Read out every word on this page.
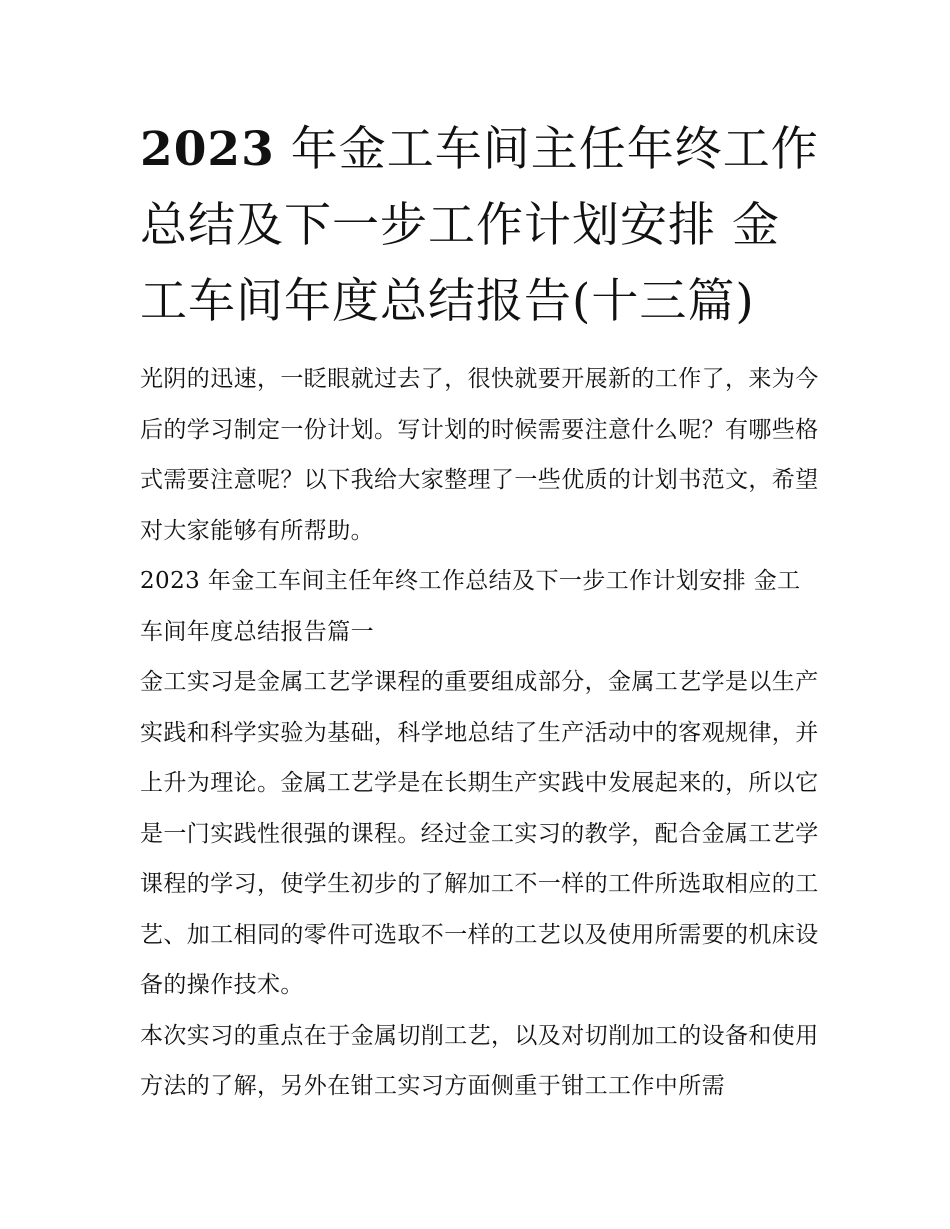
2023 年金工车间主任年终工作总结及下一步工作计划安排 金工车间年度总结报告(十三篇)

光阴的迅速，一眨眼就过去了，很快就要开展新的工作了，来为今后的学习制定一份计划。写计划的时候需要注意什么呢？有哪些格式需要注意呢？以下我给大家整理了一些优质的计划书范文，希望对大家能够有所帮助。

2023 年金工车间主任年终工作总结及下一步工作计划安排 金工车间年度总结报告篇一

金工实习是金属工艺学课程的重要组成部分，金属工艺学是以生产实践和科学实验为基础，科学地总结了生产活动中的客观规律，并上升为理论。金属工艺学是在长期生产实践中发展起来的，所以它是一门实践性很强的课程。经过金工实习的教学，配合金属工艺学课程的学习，使学生初步的了解加工不一样的工件所选取相应的工艺、加工相同的零件可选取不一样的工艺以及使用所需要的机床设备的操作技术。

本次实习的重点在于金属切削工艺，以及对切削加工的设备和使用方法的了解，另外在钳工实习方面侧重于钳工工作中所需
